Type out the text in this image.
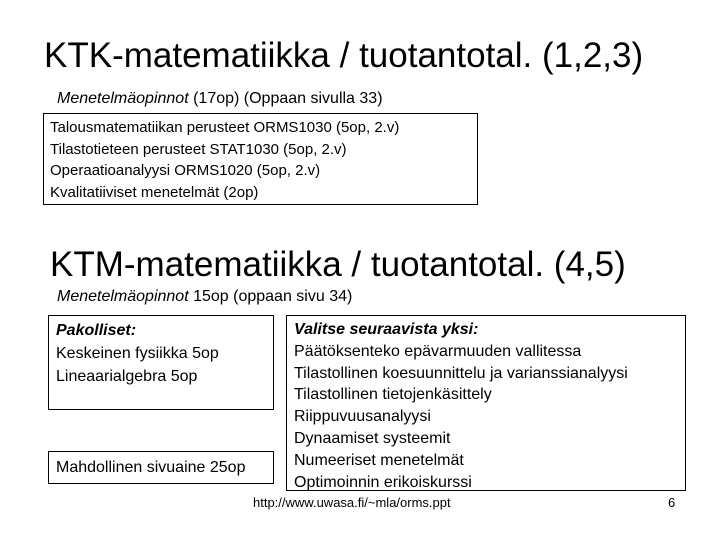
KTK-matematiikka / tuotantotal. (1,2,3)
Menetelmäopinnot (17op) (Oppaan sivulla 33)
Talousmatematiikan perusteet ORMS1030 (5op, 2.v)
Tilastotieteen perusteet STAT1030 (5op, 2.v)
Operaatioanalyysi ORMS1020 (5op, 2.v)
Kvalitatiiviset menetelmät (2op)
KTM-matematiikka / tuotantotal. (4,5)
Menetelmäopinnot 15op (oppaan sivu 34)
Pakolliset:
Keskeinen fysiikka 5op
Lineaarialgebra 5op
Mahdollinen sivuaine 25op
Valitse seuraavista yksi:
Päätöksenteko epävarmuuden vallitessa
Tilastollinen koesuunnittelu ja varianssianalyysi
Tilastollinen tietojenkäsittely
Riippuvuusanalyysi
Dynaamiset systeemit
Numeeriset menetelmät
Optimoinnin erikoiskurssi
http://www.uwasa.fi/~mla/orms.ppt	6
